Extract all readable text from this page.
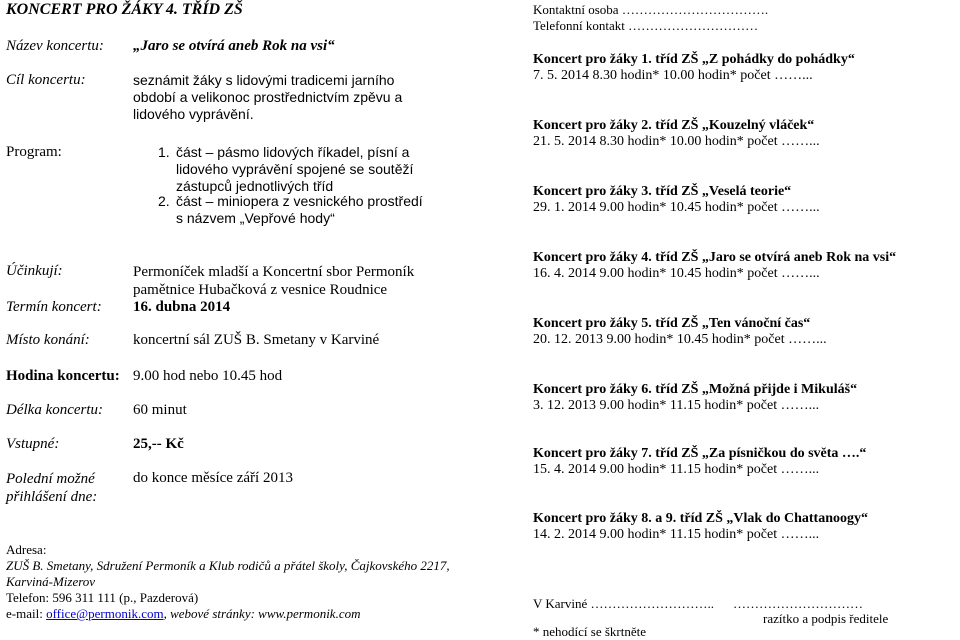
KONCERT PRO ŽÁKY 4. TŘÍD ZŠ
Název koncertu: „Jaro se otvírá aneb Rok na vsi“
Cíl koncertu:	seznámit žáky s lidovými tradicemi jarního
období a velikonoc prostřednictvím zpěvu a
lidového vyprávění.
Program:	1. část – pásmo lidových říkadel, písní a
lidového vyprávění spojené se soutěží
zástupců jednotlivých tříd
2. část – miniopera z vesnického prostředí
s názvem „Vepřové hody“
Účinkují:	Permoníček mladší a Koncertní sbor Permoník
pamětnice Hubačková z vesnice Roudnice
Termín koncert: 16. dubna 2014
Místo konání:	koncertní sál ZUŠ B. Smetany v Karviné
Hodina koncertu: 9.00 hod nebo 10.45 hod
Délka koncertu: 60 minut
Vstupné:	25,-- Kč
Polední možné
přihlášení dne:
do konce měsíce září 2013
Adresa:
ZUŠ B. Smetany, Sdružení Permoník a Klub rodičů a přátel školy, Čajkovského 2217,
Karviná-Mizerov
Telefon: 596 311 111 (p., Pazderová)
e-mail: office@permonik.com, webové stránky: www.permonik.com
Kontaktní osoba …………………………….
Telefonní kontakt …………………………
Koncert pro žáky 1. tříd ZŠ „Z pohádky do pohádky“
7. 5. 2014 8.30 hodin* 10.00 hodin* počet ……...
Koncert pro žáky 2. tříd ZŠ „Kouzelný vláček“
21. 5. 2014 8.30 hodin* 10.00 hodin* počet ……...
Koncert pro žáky 3. tříd ZŠ „Veselá teorie“
29. 1. 2014 9.00 hodin* 10.45 hodin* počet ……...
Koncert pro žáky 4. tříd ZŠ „Jaro se otvírá aneb Rok na vsi“
16. 4. 2014 9.00 hodin* 10.45 hodin* počet ……...
Koncert pro žáky 5. tříd ZŠ „Ten vánoční čas“
20. 12. 2013 9.00 hodin* 10.45 hodin* počet ……...
Koncert pro žáky 6. tříd ZŠ „Možná přijde i Mikuláš“
3. 12. 2013 9.00 hodin* 11.15 hodin* počet ……...
Koncert pro žáky 7. tříd ZŠ „Za písničkou do světa ….“
15. 4. 2014 9.00 hodin* 11.15 hodin* počet ……...
Koncert pro žáky 8. a 9. tříd ZŠ „Vlak do Chattanoogy“
14. 2. 2014 9.00 hodin* 11.15 hodin* počet ……...
V Karviné ……………………….. …………………………
razítko a podpis ředitele
* nehodící se škrtněte
